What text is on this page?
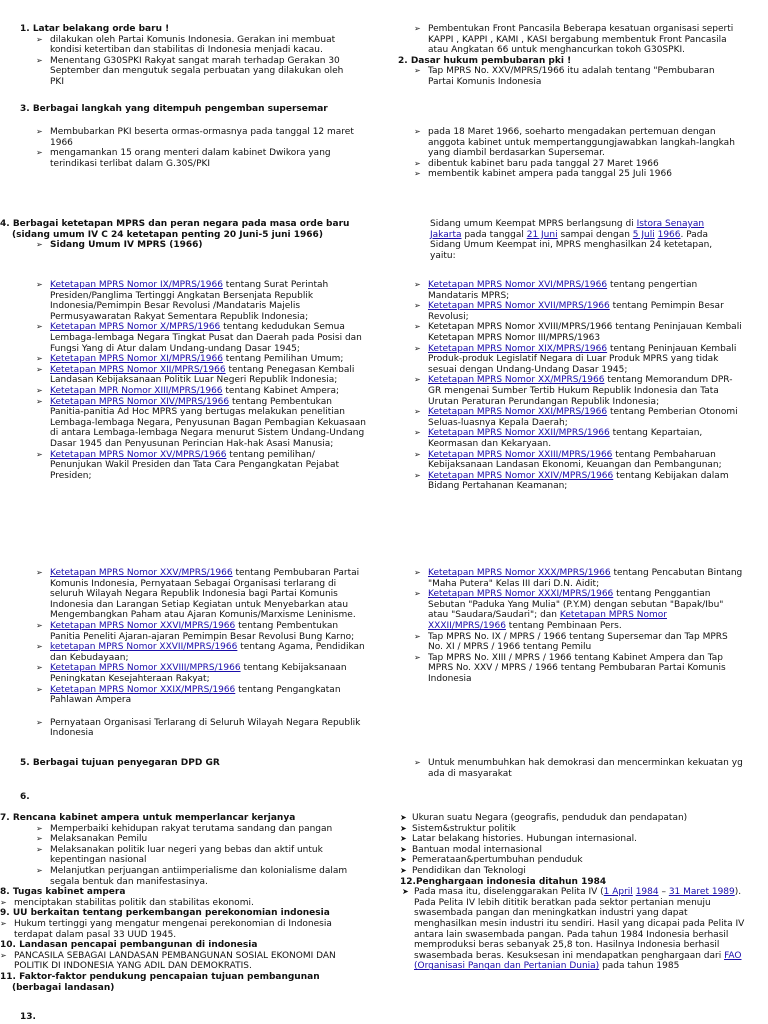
1. Latar belakang orde baru !

➢ dilakukan oleh Partai Komunis Indonesia. Gerakan ini membuat kondisi ketertiban dan stabilitas di Indonesia menjadi kacau.

➢ Menentang G30SPKI Rakyat sangat marah terhadap Gerakan 30 September dan mengutuk segala perbuatan yang dilakukan oleh PKI

➢ Pembentukan Front Pancasila Beberapa kesatuan organisasi seperti KAPPI , KAPPI , KAMI , KASI bergabung membentuk Front Pancasila atau Angkatan 66 untuk menghancurkan tokoh G30SPKI.

2. Dasar hukum pembubaran pki !

➢ Tap MPRS No. XXV/MPRS/1966 itu adalah tentang "Pembubaran Partai Komunis Indonesia

3. Berbagai langkah yang ditempuh pengemban supersemar

➢ Membubarkan PKI beserta ormas-ormasnya pada tanggal 12 maret 1966

➢ mengamankan 15 orang menteri dalam kabinet Dwikora yang terindikasi terlibat dalam G.30S/PKI

➢ pada 18 Maret 1966, soeharto mengadakan pertemuan dengan anggota kabinet untuk mempertanggungjawabkan langkah-langkah yang diambil berdasarkan Supersemar.

➢ dibentuk kabinet baru pada tanggal 27 Maret 1966

➢ membentik kabinet ampera pada tanggal 25 Juli 1966

4. Berbagai ketetapan MPRS dan peran negara pada masa orde baru

(sidang umum IV C 24 ketetapan penting 20 Juni-5 juni 1966)

➢ Sidang Umum IV MPRS (1966)

Sidang umum Keempat MPRS berlangsung di Istora Senayan Jakarta pada tanggal 21 Juni sampai dengan 5 Juli 1966. Pada Sidang Umum Keempat ini, MPRS menghasilkan 24 ketetapan, yaitu:

➢ Ketetapan MPRS Nomor IX/MPRS/1966 tentang Surat Perintah Presiden/Panglima Tertinggi Angkatan Bersenjata Republik Indonesia/Pemimpin Besar Revolusi /Mandataris Majelis Permusyawaratan Rakyat Sementara Republik Indonesia;

➢ Ketetapan MPRS Nomor X/MPRS/1966 tentang kedudukan Semua Lembaga-lembaga Negara Tingkat Pusat dan Daerah pada Posisi dan Fungsi Yang di Atur dalam Undang-undang Dasar 1945;

➢ Ketetapan MPRS Nomor XI/MPRS/1966 tentang Pemilihan Umum;

➢ Ketetapan MPRS Nomor XII/MPRS/1966 tentang Penegasan Kembali Landasan Kebijaksanaan Politik Luar Negeri Republik Indonesia;

➢ Ketetapan MPR Nomor XIII/MPRS/1966 tentang Kabinet Ampera;

➢ Ketetapan MPRS Nomor XIV/MPRS/1966 tentang Pembentukan Panitia-panitia Ad Hoc MPRS yang bertugas melakukan penelitian Lembaga-lembaga Negara, Penyusunan Bagan Pembagian Kekuasaan di antara Lembaga-lembaga Negara menurut Sistem Undang-Undang Dasar 1945 dan Penyusunan Perincian Hak-hak Asasi Manusia;

➢ Ketetapan MPRS Nomor XV/MPRS/1966 tentang pemilihan/ Penunjukan Wakil Presiden dan Tata Cara Pengangkatan Pejabat Presiden;

➢ Ketetapan MPRS Nomor XVI/MPRS/1966 tentang pengertian Mandataris MPRS;

➢ Ketetapan MPRS Nomor XVII/MPRS/1966 tentang Pemimpin Besar Revolusi;

➢ Ketetapan MPRS Nomor XVIII/MPRS/1966 tentang Peninjauan Kembali Ketetapan MPRS Nomor III/MPRS/1963

➢ Ketetapan MPRS Nomor XIX/MPRS/1966 tentang Peninjauan Kembali Produk-produk Legislatif Negara di Luar Produk MPRS yang tidak sesuai dengan Undang-Undang Dasar 1945;

➢ Ketetapan MPRS Nomor XX/MPRS/1966 tentang Memorandum DPR-GR mengenai Sumber Tertib Hukum Republik Indonesia dan Tata Urutan Peraturan Perundangan Republik Indonesia;

➢ Ketetapan MPRS Nomor XXI/MPRS/1966 tentang Pemberian Otonomi Seluas-luasnya Kepala Daerah;

➢ Ketetapan MPRS Nomor XXII/MPRS/1966 tentang Kepartaian, Keormasan dan Kekaryaan.

➢ Ketetapan MPRS Nomor XXIII/MPRS/1966 tentang Pembaharuan Kebijaksanaan Landasan Ekonomi, Keuangan dan Pembangunan;

➢ Ketetapan MPRS Nomor XXIV/MPRS/1966 tentang Kebijakan dalam Bidang Pertahanan Keamanan;

➢ Ketetapan MPRS Nomor XXV/MPRS/1966 tentang Pembubaran Partai Komunis Indonesia, Pernyataan Sebagai Organisasi terlarang di seluruh Wilayah Negara Republik Indonesia bagi Partai Komunis Indonesia dan Larangan Setiap Kegiatan untuk Menyebarkan atau Mengembangkan Paham atau Ajaran Komunis/Marxisme Leninisme.

➢ Ketetapan MPRS Nomor XXVI/MPRS/1966 tentang Pembentukan Panitia Peneliti Ajaran-ajaran Pemimpin Besar Revolusi Bung Karno;

➢ ketetapan MPRS Nomor XXVII/MPRS/1966 tentang Agama, Pendidikan dan Kebudayaan;

➢ Ketetapan MPRS Nomor XXVIII/MPRS/1966 tentang Kebijaksanaan Peningkatan Kesejahteraan Rakyat;

➢ Ketetapan MPRS Nomor XXIX/MPRS/1966 tentang Pengangkatan Pahlawan Ampera

➢ Pernyataan Organisasi Terlarang di Seluruh Wilayah Negara Republik Indonesia

➢ Ketetapan MPRS Nomor XXX/MPRS/1966 tentang Pencabutan Bintang "Maha Putera" Kelas III dari D.N. Aidit;

➢ Ketetapan MPRS Nomor XXXI/MPRS/1966 tentang Penggantian Sebutan "Paduka Yang Mulia" (P.Y.M) dengan sebutan "Bapak/Ibu" atau "Saudara/Saudari"; dan Ketetapan MPRS Nomor XXXII/MPRS/1966 tentang Pembinaan Pers.

➢ Tap MPRS No. IX / MPRS / 1966 tentang Supersemar dan Tap MPRS No. XI / MPRS / 1966 tentang Pemilu

➢ Tap MPRS No. XIII / MPRS / 1966 tentang Kabinet Ampera dan Tap MPRS No. XXV / MPRS / 1966 tentang Pembubaran Partai Komunis Indonesia

5. Berbagai tujuan penyegaran DPD GR

➢	Untuk menumbuhkan hak demokrasi dan mencerminkan kekuatan yg ada di masyarakat

6.

7. Rencana kabinet ampera untuk memperlancar kerjanya

➢ Memperbaiki kehidupan rakyat terutama sandang dan pangan

➢ Melaksanakan Pemilu

➢ Melaksanakan politik luar negeri yang bebas dan aktif untuk kepentingan nasional

➢ Melanjutkan perjuangan antiimperialisme dan kolonialisme dalam segala bentuk dan manifestasinya.

8. Tugas kabinet ampera

➢ menciptakan stabilitas politik dan stabilitas ekonomi.

9. UU berkaitan tentang perkembangan perekonomian indonesia

➢ Hukum tertinggi yang mengatur mengenai perekonomian di Indonesia terdapat dalam pasal 33 UUD 1945.

10. Landasan pencapai pembangunan di indonesia

➢ PANCASILA SEBAGAI LANDASAN PEMBANGUNAN SOSIAL EKONOMI DAN POLITIK DI INDONESIA YANG ADIL DAN DEMOKRATIS.

11. Faktor-faktor pendukung pencapaian tujuan pembangunan

(berbagai landasan)

➤ Ukuran suatu Negara (geografis, penduduk dan pendapatan)

➤ Sistem&struktur politik

➤ Latar belakang histories. Hubungan internasional.

➤ Bantuan modal internasional

➤ Pemerataan&pertumbuhan penduduk

➤ Pendidikan dan Teknologi

12.Penghargaan indonesia ditahun 1984

➤ Pada masa itu, diselenggarakan Pelita IV (1 April 1984 – 31 Maret 1989). Pada Pelita IV lebih dititik beratkan pada sektor pertanian menuju swasembada pangan dan meningkatkan industri yang dapat menghasilkan mesin industri itu sendiri. Hasil yang dicapai pada Pelita IV antara lain swasembada pangan. Pada tahun 1984 Indonesia berhasil memproduksi beras sebanyak 25,8 ton. Hasilnya Indonesia berhasil swasembada beras. Kesuksesan ini mendapatkan penghargaan dari FAO (Organisasi Pangan dan Pertanian Dunia) pada tahun 1985

13.
